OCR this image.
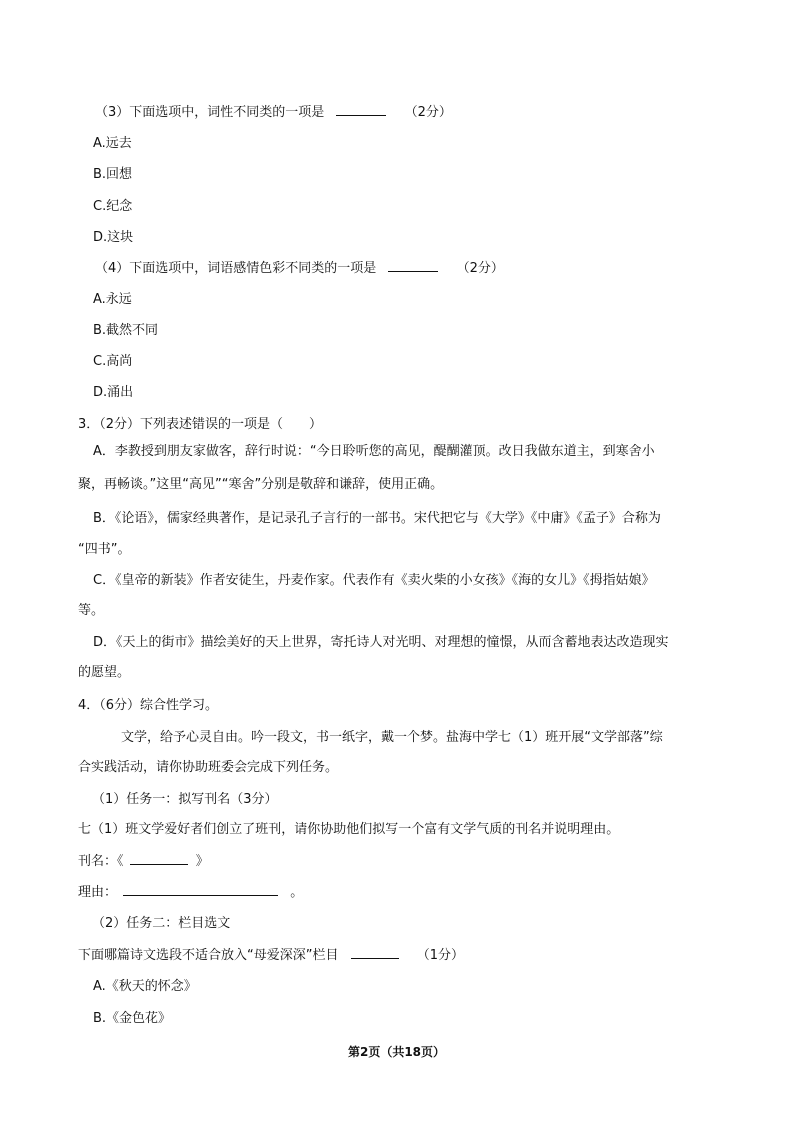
（3）下面选项中，词性不同类的一项是	（2分）
A.远去
B.回想
C.纪念
D.这块
（4）下面选项中，词语感情色彩不同类的一项是	（2分）
A.永远
B.截然不同
C.高尚
D.涌出
3．（2分）下列表述错误的一项是（　　）
A．李教授到朋友家做客，辞行时说：“今日聆听您的高见，醍醐灌顶。改日我做东道主，到寒舍小
聚，再畅谈。”这里“高见”“寒舍”分别是敬辞和谦辞，使用正确。
B．《论语》，儒家经典著作，是记录孔子言行的一部书。宋代把它与《大学》《中庸》《孟子》合称为
“四书”。
C．《皇帝的新装》作者安徒生，丹麦作家。代表作有《卖火柴的小女孩》《海的女儿》《拇指姑娘》
等。
D．《天上的街市》描绘美好的天上世界，寄托诗人对光明、对理想的憧憬，从而含蓄地表达改造现实
的愿望。
4．（6分）综合性学习。
文学，给予心灵自由。吟一段文，书一纸字，戴一个梦。盐海中学七（1）班开展“文学部落”综
合实践活动，请你协助班委会完成下列任务。
（1）任务一：拟写刊名（3分）
七（1）班文学爱好者们创立了班刊，请你协助他们拟写一个富有文学气质的刊名并说明理由。
刊名：《	》
理由：	。
（2）任务二：栏目选文
下面哪篇诗文选段不适合放入“母爱深深”栏目	（1分）
A.《秋天的怀念》
B.《金色花》
第2页（共18页）
